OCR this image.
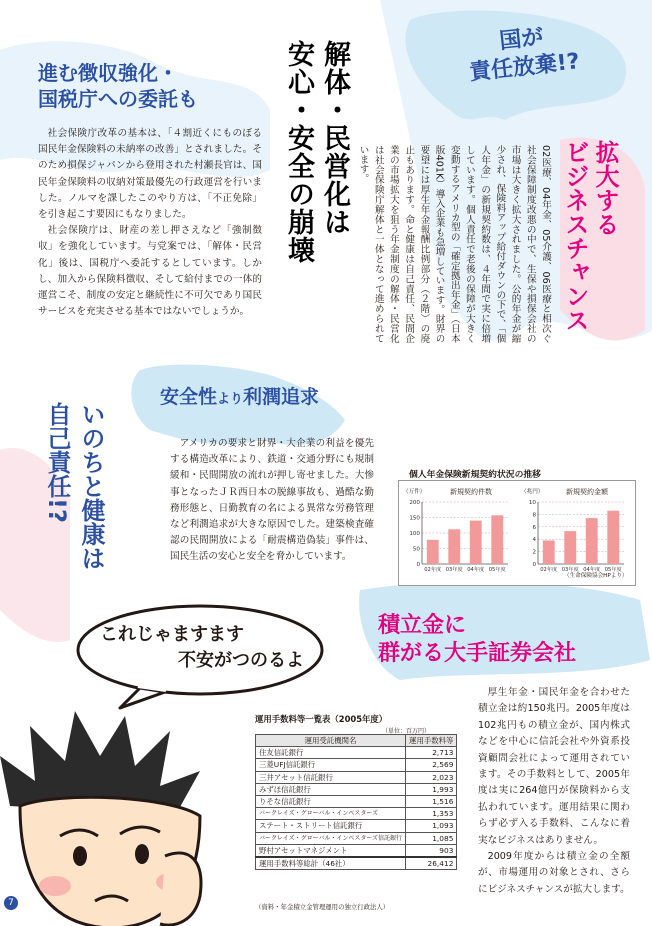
進む徴収強化・
国税庁への委託も

社会保険庁改革の基本は、「４割近くにものぼる国民年金保険料の未納率の改善」とされました。そのため損保ジャパンから登用された村瀬長官は、国民年金保険料の収納対策最優先の行政運営を行いました。ノルマを課したこのやり方は、「不正免除」を引き起こす要因にもなりました。

社会保険庁は、財産の差し押さえなど「強制徴収」を強化しています。与党案では、「解体・民営化」後は、国税庁へ委託するとしています。しかし、加入から保険料徴収、そして給付までの一体的運営こそ、制度の安定と継続性に不可欠であり国民サービスを充実させる基本ではないでしょうか。

解体・民営化は
安心・安全の崩壊
国が
責任放棄!?
拡大する
ビジネスチャンス
02医療、04年金、05介護、06医療と相次ぐ社会保障制度改悪の中で、生保や損保会社の市場は大きく拡大されました。公的年金が縮少され、保険料アップ給付ダウンの下で、「個人年金」の新規契約数は、４年間で実に倍増しています。個人責任で老後の保障が大きく変動するアメリカ型の「確定拠出年金」（日本版401K）導入企業も急増しています。財界の要望には厚生年金報酬比例部分（２階）の廃止もあります。命と健康は自己責任、民間企業の市場拡大を狙う年金制度の解体・民営化は社会保険庁解体と一体となって進められています。
安全性より利潤追求
アメリカの要求と財界・大企業の利益を優先する構造改革により、鉄道・交通分野にも規制緩和・民間開放の流れが押し寄せました。大惨事となったＪＲ西日本の脱線事故も、過酷な勤務形態と、日勤教育の名による異常な労務管理など利潤追求が大きな原因でした。建築検査確認の民間開放による「耐震構造偽装」事件は、国民生活の安心と安全を脅かしています。
いのちと健康は
自己責任!?	個人年金保険新規契約状況の推移
新規契約件数	新規契約金額
（万件）	（兆円）
（生命保険協会HPより）
0
50
100
150
200
02年度 03年度 04年度 05年度
0
2
4
6
8
10
02年度 03年度 04年度 05年度
これじゃますます
不安がつのるよ
積立金に
群がる大手証券会社

厚生年金・国民年金を合わせた積立金は約150兆円。2005年度は102兆円もの積立金が、国内株式などを中心に信託会社や外資系投資顧問会社によって運用されています。その手数料として、2005年度は実に264億円が保険料から支払われています。運用結果に関わらず必ず入る手数料、こんなに着実なビジネスはありません。

2009年度からは積立金の全額が、市場運用の対象とされ、さらにビジネスチャンスが拡大します。

運用手数料等一覧表（2005年度）
（単位：百万円）
運用受託機関名	運用手数料等
住友信託銀行	2,713
三菱UFJ信託銀行	2,569
三井アセット信託銀行	2,023
みずほ信託銀行	1,993
りそな信託銀行	1,516
バークレイズ・グローバル・インベスターズ	1,353
ステート・ストリート信託銀行	1,093
バークレイズ・グローバル・インベスターズ信託銀行	1,085
野村アセットマネジメント	903
運用手数料等総計（46社）	26,412
（資料・年金積立金管理運用の独立行政法人）
7
